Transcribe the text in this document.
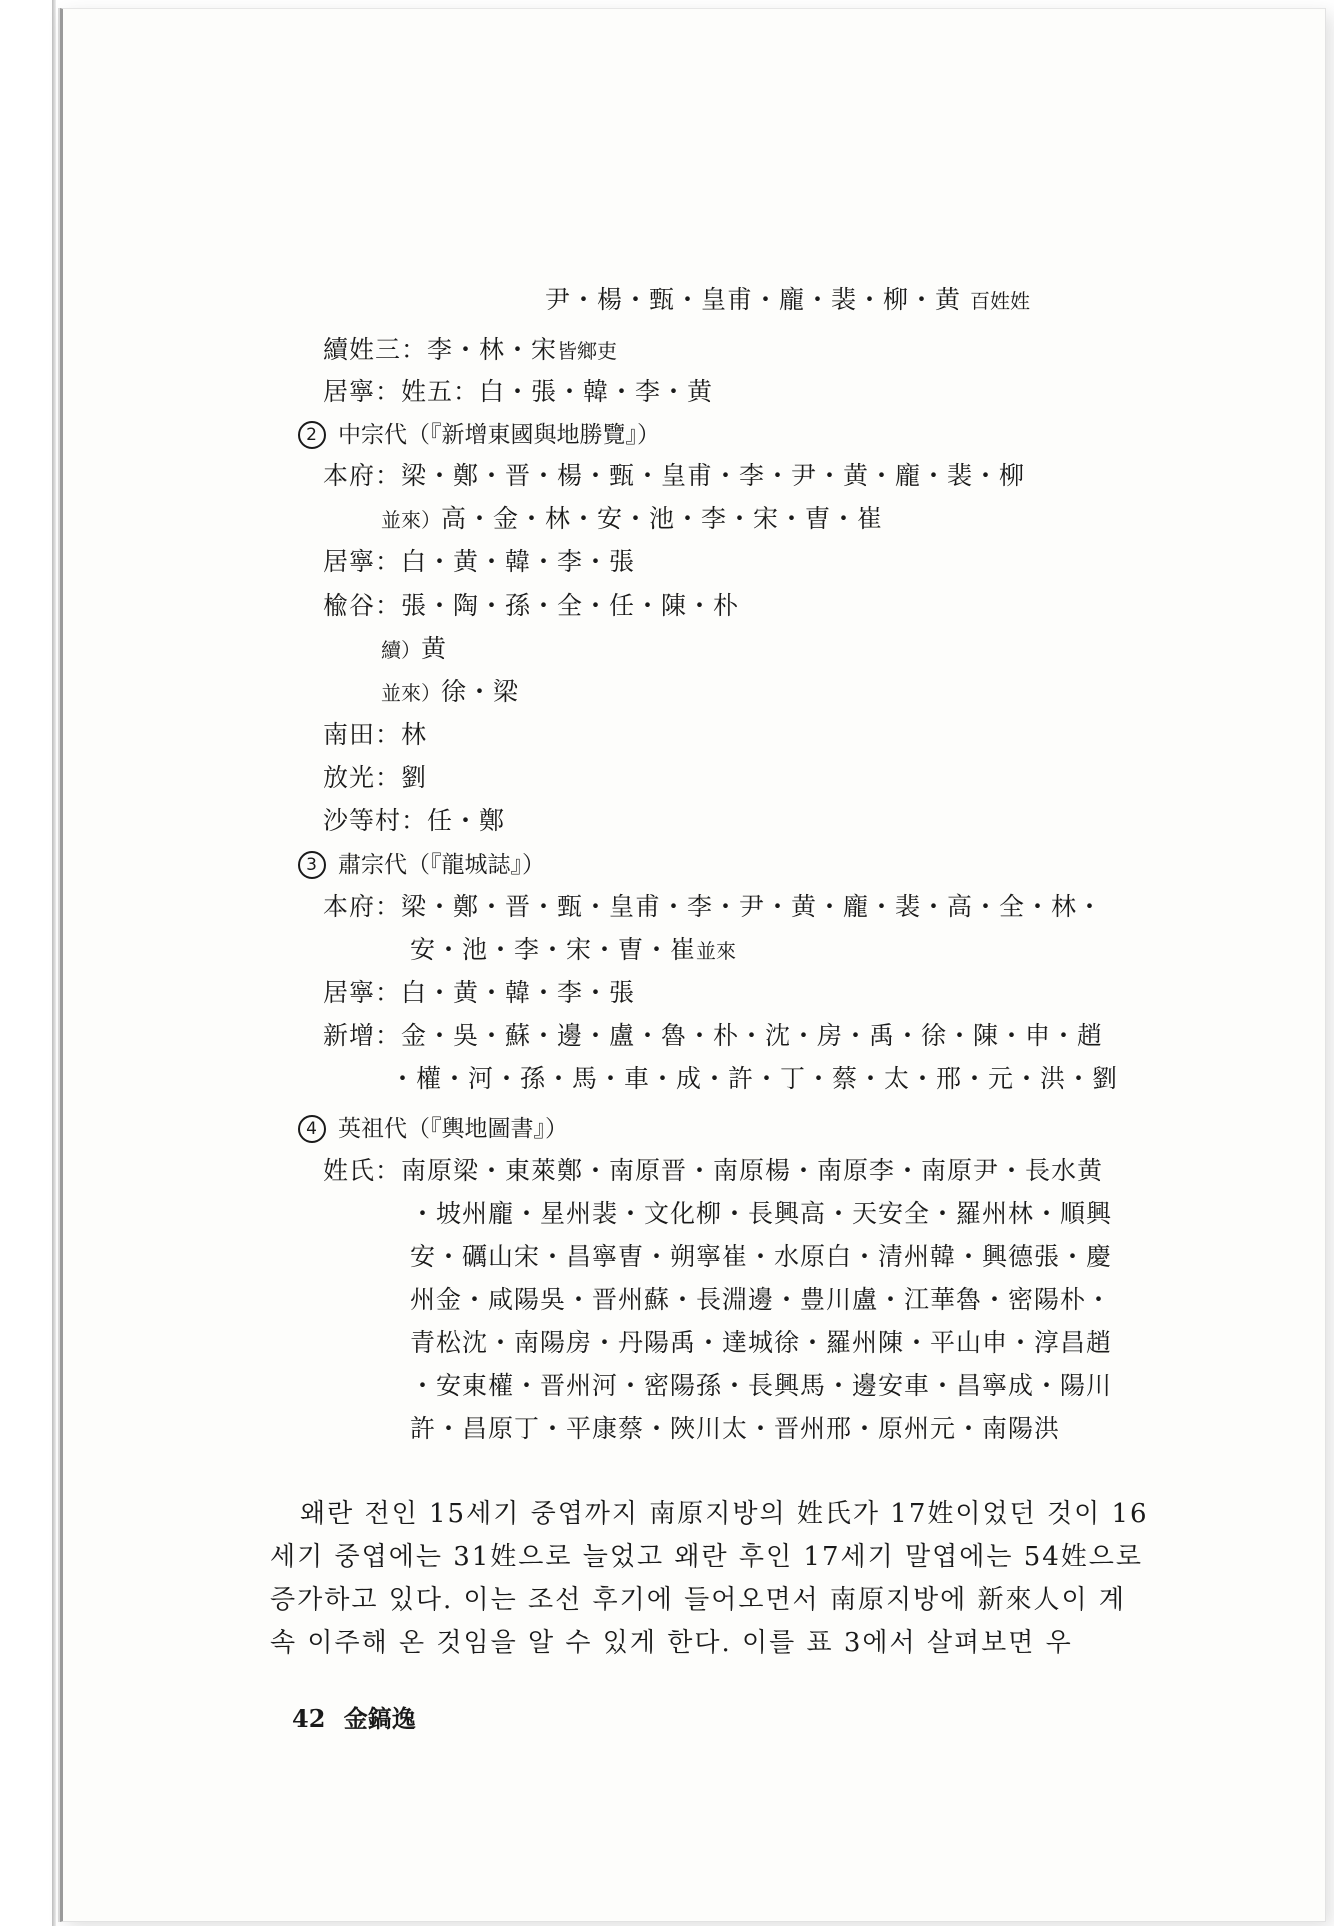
尹・楊・甄・皇甫・龐・裴・柳・黄 百姓姓
續姓三：李・林・宋皆鄉吏
居寧：姓五：白・張・韓・李・黄
2 中宗代（『新增東國與地勝覽』）
本府：梁・鄭・晋・楊・甄・皇甫・李・尹・黄・龐・裴・柳
並來）高・金・林・安・池・李・宋・曺・崔
居寧：白・黄・韓・李・張
楡谷：張・陶・孫・全・任・陳・朴
續）黄
並來）徐・梁
南田：林
放光：劉
沙等村：任・鄭
3 肅宗代（『龍城誌』）
本府：梁・鄭・晋・甄・皇甫・李・尹・黄・龐・裴・高・全・林・
安・池・李・宋・曺・崔並來
居寧：白・黄・韓・李・張
新增：金・吳・蘇・邊・盧・魯・朴・沈・房・禹・徐・陳・申・趙
・權・河・孫・馬・車・成・許・丁・蔡・太・邢・元・洪・劉
4 英祖代（『輿地圖書』）
姓氏：南原梁・東萊鄭・南原晋・南原楊・南原李・南原尹・長水黄
・坡州龐・星州裴・文化柳・長興高・天安全・羅州林・順興
安・礪山宋・昌寧曺・朔寧崔・水原白・清州韓・興德張・慶
州金・咸陽吳・晋州蘇・長淵邊・豊川盧・江華魯・密陽朴・
青松沈・南陽房・丹陽禹・達城徐・羅州陳・平山申・淳昌趙
・安東權・晋州河・密陽孫・長興馬・邊安車・昌寧成・陽川
許・昌原丁・平康蔡・陜川太・晋州邢・原州元・南陽洪
왜란 전인 15세기 중엽까지 南原지방의 姓氏가 17姓이었던 것이 16
세기 중엽에는 31姓으로 늘었고 왜란 후인 17세기 말엽에는 54姓으로
증가하고 있다. 이는 조선 후기에 들어오면서 南原지방에 新來人이 계
속 이주해 온 것임을 알 수 있게 한다. 이를 표 3에서 살펴보면 우
42 金鎬逸
